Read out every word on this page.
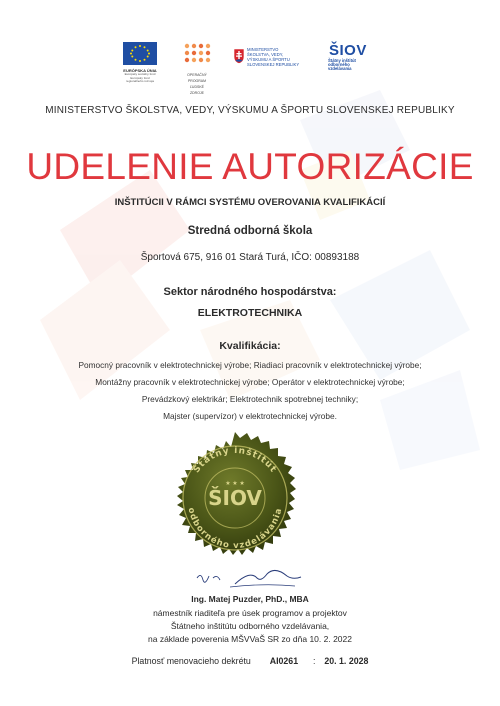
EURÓPSKA ÚNIA
Európsky sociálny fond
Európsky fond
regionálneho rozvoja
OPERAČNÝ
PROGRAM
ĽUDSKÉ
ZDROJE
MINISTERSTVO
ŠKOLSTVA, VEDY,
VÝSKUMU A ŠPORTU
SLOVENSKEJ REPUBLIKY
ŠIOV
Štátny inštitút
odborného
vzdelávania
MINISTERSTVO ŠKOLSTVA, VEDY, VÝSKUMU A ŠPORTU SLOVENSKEJ REPUBLIKY
UDELENIE AUTORIZÁCIE
INŠTITÚCII V RÁMCI SYSTÉMU OVEROVANIA KVALIFIKÁCIÍ
Stredná odborná škola
Športová 675, 916 01 Stará Turá, IČO: 00893188
Sektor národného hospodárstva:
ELEKTROTECHNIKA
Kvalifikácia:
Pomocný pracovník v elektrotechnickej výrobe; Riadiaci pracovník v elektrotechnickej výrobe;
Montážny pracovník v elektrotechnickej výrobe; Operátor v elektrotechnickej výrobe;
Prevádzkový elektrikár; Elektrotechnik spotrebnej techniky;
Majster (supervízor) v elektrotechnickej výrobe.
Štátny inštitút
odborného vzdelávania
ŠIOV
★ ★ ★
Ing. Matej Puzder, PhD., MBA
námestník riaditeľa pre úsek programov a projektov
Štátneho inštitútu odborného vzdelávania,
na základe poverenia MŠVVaŠ SR zo dňa 10. 2. 2022
Platnosť menovacieho dekrétu AI0261 : 20. 1. 2028
